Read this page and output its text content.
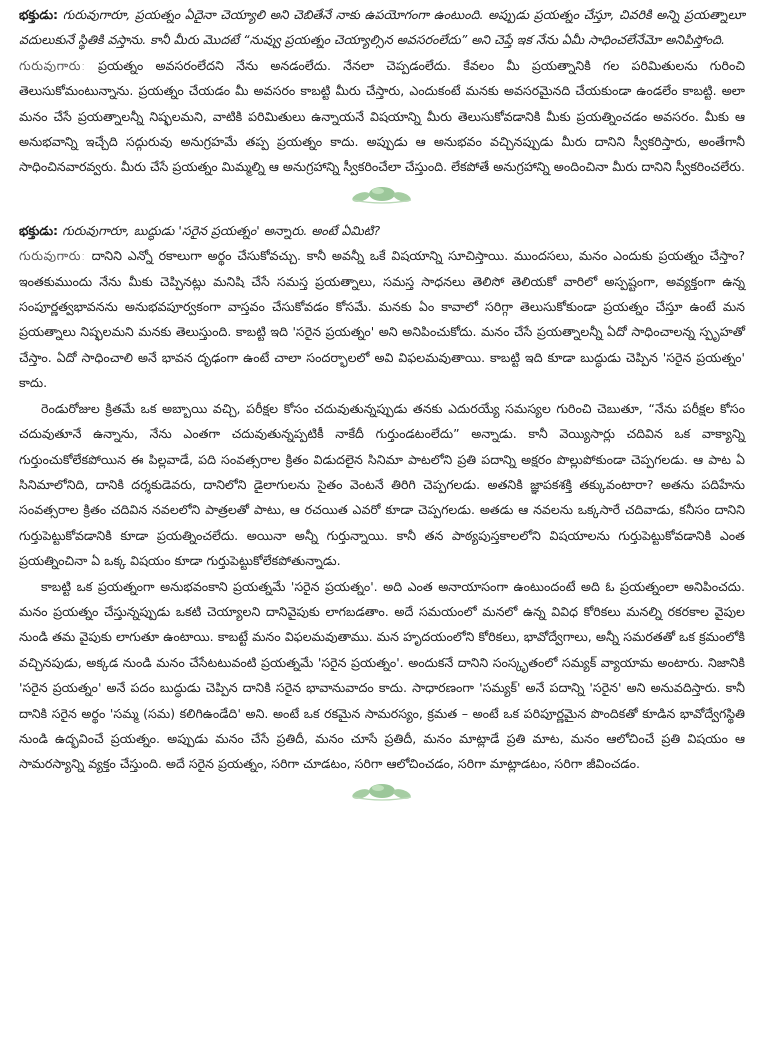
భక్తుడు: గురువుగారూ, ప్రయత్నం ఏదైనా చెయ్యాలి అని చెబితేనే నాకు ఉపయోగంగా ఉంటుంది. అప్పుడు ప్రయత్నం చేస్తూ, చివరికి అన్ని ప్రయత్నాలూ వదులుకునే స్థితికి వస్తాను. కానీ మీరు మొదటే “నువ్వు ప్రయత్నం చెయ్యాల్సిన అవసరంలేదు” అని చెప్తే ఇక నేను ఏమీ సాధించలేనేమో అనిపిస్తోంది.

గురువుగారు: ప్రయత్నం అవసరంలేదని నేను అనడంలేదు. నేనలా చెప్పడంలేదు. కేవలం మీ ప్రయత్నానికి గల పరిమితులను గురించి తెలుసుకోమంటున్నాను. ప్రయత్నం చేయడం మీ అవసరం కాబట్టి మీరు చేస్తారు, ఎందుకంటే మనకు అవసరమైనది చేయకుండా ఉండలేం కాబట్టి. అలా మనం చేసే ప్రయత్నాలన్నీ నిష్ఫలమని, వాటికి పరిమితులు ఉన్నాయనే విషయాన్ని మీరు తెలుసుకోవడానికి మీకు ప్రయత్నించడం అవసరం. మీకు ఆ అనుభవాన్ని ఇచ్చేది సద్గురువు అనుగ్రహమే తప్ప ప్రయత్నం కాదు. అప్పుడు ఆ అనుభవం వచ్చినప్పుడు మీరు దానిని స్వీకరిస్తారు, అంతేగానీ సాధించినవారవ్వరు. మీరు చేసే ప్రయత్నం మిమ్మల్ని ఆ అనుగ్రహాన్ని స్వీకరించేలా చేస్తుంది. లేకపోతే అనుగ్రహాన్ని అందించినా మీరు దానిని స్వీకరించలేరు.

భక్తుడు: గురువుగారూ, బుద్ధుడు 'సరైన ప్రయత్నం' అన్నారు. అంటే ఏమిటి?

గురువుగారు: దానిని ఎన్నో రకాలుగా అర్థం చేసుకోవచ్చు. కానీ అవన్నీ ఒకే విషయాన్ని సూచిస్తాయి. ముందసలు, మనం ఎందుకు ప్రయత్నం చేస్తాం? ఇంతకుముందు నేను మీకు చెప్పినట్లు మనిషి చేసే సమస్త ప్రయత్నాలు, సమస్త సాధనలు తెలిసో తెలియకో వారిలో అస్పష్టంగా, అవ్యక్తంగా ఉన్న సంపూర్ణత్వభావనను అనుభవపూర్వకంగా వాస్తవం చేసుకోవడం కోసమే. మనకు ఏం కావాలో సరిగ్గా తెలుసుకోకుండా ప్రయత్నం చేస్తూ ఉంటే మన ప్రయత్నాలు నిష్ఫలమని మనకు తెలుస్తుంది. కాబట్టి ఇది 'సరైన ప్రయత్నం' అని అనిపించుకోదు. మనం చేసే ప్రయత్నాలన్నీ ఏదో సాధించాలన్న స్పృహతో చేస్తాం. ఏదో సాధించాలి అనే భావన దృఢంగా ఉంటే చాలా సందర్భాలలో అవి విఫలమవుతాయి. కాబట్టి ఇది కూడా బుద్ధుడు చెప్పిన 'సరైన ప్రయత్నం' కాదు.

రెండురోజుల క్రితమే ఒక అబ్బాయి వచ్చి, పరీక్షల కోసం చదువుతున్నప్పుడు తనకు ఎదురయ్యే సమస్యల గురించి చెబుతూ, “నేను పరీక్షల కోసం చదువుతూనే ఉన్నాను, నేను ఎంతగా చదువుతున్నప్పటికీ నాకేదీ గుర్తుండటంలేదు” అన్నాడు. కానీ వెయ్యిసార్లు చదివిన ఒక వాక్యాన్ని గుర్తుంచుకోలేకపోయిన ఈ పిల్లవాడే, పది సంవత్సరాల క్రితం విడుదలైన సినిమా పాటలోని ప్రతి పదాన్ని అక్షరం పొల్లుపోకుండా చెప్పగలడు. ఆ పాట ఏ సినిమాలోనిది, దానికి దర్శకుడెవరు, దానిలోని డైలాగులను సైతం వెంటనే తిరిగి చెప్పగలడు. అతనికి జ్ఞాపకశక్తి తక్కువంటారా? అతను పదిహేను సంవత్సరాల క్రితం చదివిన నవలలోని పాత్రలతో పాటు, ఆ రచయిత ఎవరో కూడా చెప్పగలడు. అతడు ఆ నవలను ఒక్కసారే చదివాడు, కనీసం దానిని గుర్తుపెట్టుకోవడానికి కూడా ప్రయత్నించలేదు. అయినా అన్నీ గుర్తున్నాయి. కానీ తన పాఠ్యపుస్తకాలలోని విషయాలను గుర్తుపెట్టుకోవడానికి ఎంత ప్రయత్నించినా ఏ ఒక్క విషయం కూడా గుర్తుపెట్టుకోలేకపోతున్నాడు.

కాబట్టి ఒక ప్రయత్నంగా అనుభవంకాని ప్రయత్నమే 'సరైన ప్రయత్నం'. అది ఎంత అనాయాసంగా ఉంటుందంటే అది ఓ ప్రయత్నంలా అనిపించదు. మనం ప్రయత్నం చేస్తున్నప్పుడు ఒకటి చెయ్యాలని దానివైపుకు లాగబడతాం. అదే సమయంలో మనలో ఉన్న వివిధ కోరికలు మనల్ని రకరకాల వైపుల నుండి తమ వైపుకు లాగుతూ ఉంటాయి. కాబట్టే మనం విఫలమవుతాము. మన హృదయంలోని కోరికలు, భావోద్వేగాలు, అన్నీ సమరతతో ఒక క్రమంలోకి వచ్చినపుడు, అక్కడ నుండి మనం చేసేటటువంటి ప్రయత్నమే 'సరైన ప్రయత్నం'. అందుకనే దానిని సంస్కృతంలో సమ్యక్ వ్యాయామ అంటారు. నిజానికి 'సరైన ప్రయత్నం' అనే పదం బుద్ధుడు చెప్పిన దానికి సరైన భావానువాదం కాదు. సాధారణంగా 'సమ్యక్' అనే పదాన్ని 'సరైన' అని అనువదిస్తారు. కానీ దానికి సరైన అర్థం 'సమ్మ (సమ) కలిగిఉండేది' అని. అంటే ఒక రకమైన సామరస్యం, క్రమత – అంటే ఒక పరిపూర్ణమైన పొందికతో కూడిన భావోద్వేగస్థితి నుండి ఉద్భవించే ప్రయత్నం. అప్పుడు మనం చేసే ప్రతిదీ, మనం చూసే ప్రతిదీ, మనం మాట్లాడే ప్రతి మాట, మనం ఆలోచించే ప్రతి విషయం ఆ సామరస్యాన్ని వ్యక్తం చేస్తుంది. అదే సరైన ప్రయత్నం, సరిగా చూడటం, సరిగా ఆలోచించడం, సరిగా మాట్లాడటం, సరిగా జీవించడం.
